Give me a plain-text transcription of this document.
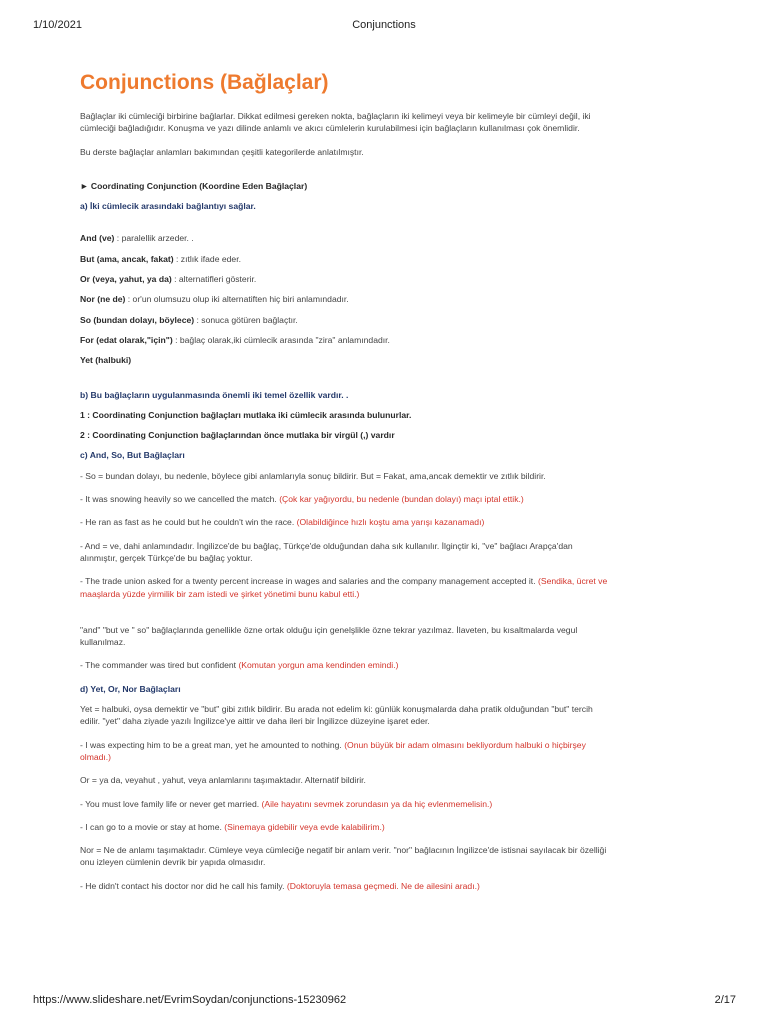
1/10/2021	Conjunctions
Conjunctions (Bağlaçlar)

Bağlaçlar iki cümleciği birbirine bağlarlar. Dikkat edilmesi gereken nokta, bağlaçların iki kelimeyi veya bir kelimeyle bir cümleyi değil, iki cümleciği bağladığıdır. Konuşma ve yazı dilinde anlamlı ve akıcı cümlelerin kurulabilmesi için bağlaçların kullanılması çok önemlidir.

Bu derste bağlaçlar anlamları bakımından çeşitli kategorilerde anlatılmıştır.

► Coordinating Conjunction (Koordine Eden Bağlaçlar)

a) İki cümlecik arasındaki bağlantıyı sağlar.

And (ve) : paralellik arzeder. .

But (ama, ancak, fakat) : zıtlık ifade eder.

Or (veya, yahut, ya da) : alternatifleri gösterir.

Nor (ne de) : or'un olumsuzu olup iki alternatiften hiç biri anlamındadır.

So (bundan dolayı, böylece) : sonuca götüren bağlaçtır.

For (edat olarak,"için") : bağlaç olarak,iki cümlecik arasında "zira" anlamındadır.

Yet (halbuki)

b) Bu bağlaçların uygulanmasında önemli iki temel özellik vardır. .

1 : Coordinating Conjunction bağlaçları mutlaka iki cümlecik arasında bulunurlar.

2 : Coordinating Conjunction bağlaçlarından önce mutlaka bir virgül (,) vardır

c) And, So, But Bağlaçları

- So = bundan dolayı, bu nedenle, böylece gibi anlamlarıyla sonuç bildirir. But = Fakat, ama,ancak demektir ve zıtlık bildirir.

- It was snowing heavily so we cancelled the match. (Çok kar yağıyordu, bu nedenle (bundan dolayı) maçı iptal ettik.)

- He ran as fast as he could but he couldn't win the race. (Olabildiğince hızlı koştu ama yarışı kazanamadı)

- And = ve, dahi anlamındadır. İngilizce'de bu bağlaç, Türkçe'de olduğundan daha sık kullanılır. İlginçtir ki, "ve" bağlacı Arapça'dan alınmıştır, gerçek Türkçe'de bu bağlaç yoktur.

- The trade union asked for a twenty percent increase in wages and salaries and the company management accepted it. (Sendika, ücret ve maaşlarda yüzde yirmilik bir zam istedi ve şirket yönetimi bunu kabul etti.)

"and" "but ve " so" bağlaçlarında genellikle özne ortak olduğu için genelşlikle özne tekrar yazılmaz. İlaveten, bu kısaltmalarda vegul kullanılmaz.

- The commander was tired but confident (Komutan yorgun ama kendinden emindi.)

d) Yet, Or, Nor Bağlaçları

Yet = halbuki, oysa demektir ve "but" gibi zıtlık bildirir. Bu arada not edelim ki: günlük konuşmalarda daha pratik olduğundan "but" tercih edilir. "yet" daha ziyade yazılı İngilizce'ye aittir ve daha ileri bir İngilizce düzeyine işaret eder.

- I was expecting him to be a great man, yet he amounted to nothing. (Onun büyük bir adam olmasını bekliyordum halbuki o hiçbirşey olmadı.)

Or = ya da, veyahut , yahut, veya anlamlarını taşımaktadır. Alternatif bildirir.

- You must love family life or never get married. (Aile hayatını sevmek zorundasın ya da hiç evlenmemelisin.)

- I can go to a movie or stay at home. (Sinemaya gidebilir veya evde kalabilirim.)

Nor = Ne de anlamı taşımaktadır. Cümleye veya cümleciğe negatif bir anlam verir. "nor" bağlacının İngilizce'de istisnai sayılacak bir özelliği onu izleyen cümlenin devrik bir yapıda olmasıdır.

- He didn't contact his doctor nor did he call his family. (Doktoruyla temasa geçmedi. Ne de ailesini aradı.)

https://www.slideshare.net/EvrimSoydan/conjunctions-15230962	2/17
